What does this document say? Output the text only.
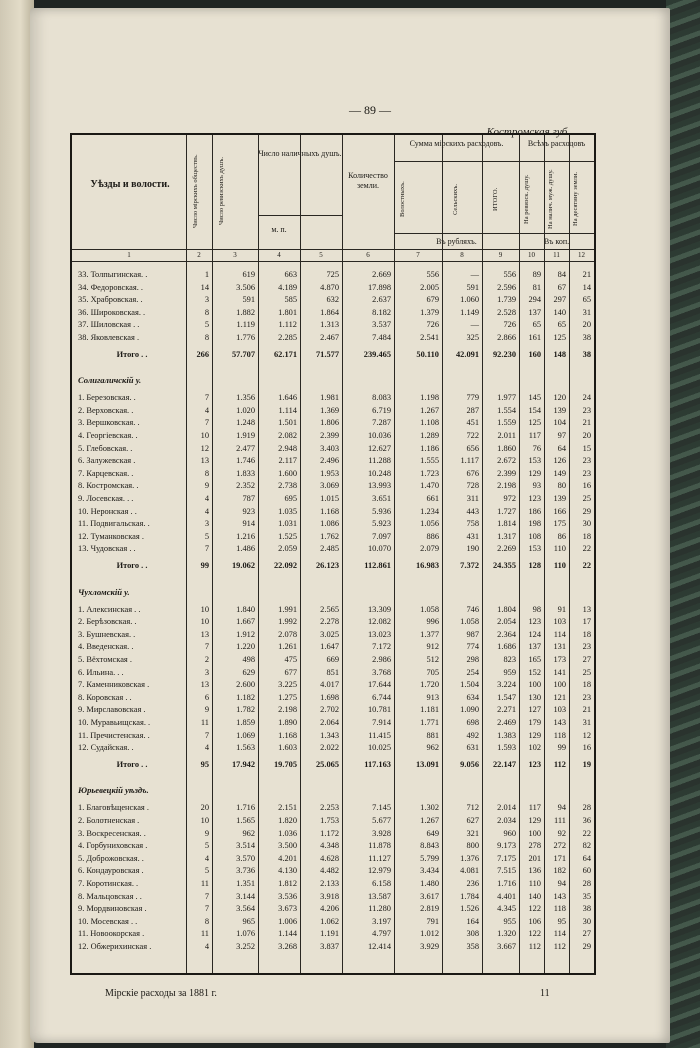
— 89 —
Костромская губ.
Мірскіе расходы за 1881 г.	11
Уѣзды и волости.	Число мірскихъ обществъ.	Число ревизскихъ душъ.
Число наличныхъ душъ.
м. п.
Количество земли.
Сумма мірскихъ расходовъ.
Волостныхъ.	Сельскихъ.	ИТОГО.
Въ рубляхъ.
Всѣхъ расходовъ
На ревизск. душу.	На налич. муж. душу.	На десятину земли.
Въ коп.
1	2	3	4	5	6	7	8	9	10	11	12
33. Толпыгинская. .	1	619	663	725	2.669	556	—	556	89	84	21
34. Федоровская. .	14	3.506	4.189	4.870	17.898	2.005	591	2.596	81	67	14
35. Храбровская. .	3	591	585	632	2.637	679	1.060	1.739	294	297	65
36. Широковская. .	8	1.882	1.801	1.864	8.182	1.379	1.149	2.528	137	140	31
37. Шиловская . .	5	1.119	1.112	1.313	3.537	726	—	726	65	65	20
38. Яковлевская .	8	1.776	2.285	2.467	7.484	2.541	325	2.866	161	125	38
Итого . .	266	57.707	62.171	71.577	239.465	50.110	42.091	92.230	160	148	38
Солигаличскій у.
1. Березовская. .	7	1.356	1.646	1.981	8.083	1.198	779	1.977	145	120	24
2. Верховская. .	4	1.020	1.114	1.369	6.719	1.267	287	1.554	154	139	23
3. Вершковская. .	7	1.248	1.501	1.806	7.287	1.108	451	1.559	125	104	21
4. Георгіевская. .	10	1.919	2.082	2.399	10.036	1.289	722	2.011	117	97	20
5. Глебовская. .	12	2.477	2.948	3.403	12.627	1.186	656	1.860	76	64	15
6. Залужевская .	13	1.746	2.117	2.496	11.288	1.555	1.117	2.672	153	126	23
7. Карцевская. .	8	1.833	1.600	1.953	10.248	1.723	676	2.399	129	149	23
8. Костромская. .	9	2.352	2.738	3.069	13.993	1.470	728	2.198	93	80	16
9. Лосевская. . .	4	787	695	1.015	3.651	661	311	972	123	139	25
10. Неронская . .	4	923	1.035	1.168	5.936	1.234	443	1.727	186	166	29
11. Подвигальская. .	3	914	1.031	1.086	5.923	1.056	758	1.814	198	175	30
12. Туманковская .	5	1.216	1.525	1.762	7.097	886	431	1.317	108	86	18
13. Чудовская . .	7	1.486	2.059	2.485	10.070	2.079	190	2.269	153	110	22
Итого . .	99	19.062	22.092	26.123	112.861	16.983	7.372	24.355	128	110	22
Чухломскій у.
1. Алексинская . .	10	1.840	1.991	2.565	13.309	1.058	746	1.804	98	91	13
2. Берѣзовская. .	10	1.667	1.992	2.278	12.082	996	1.058	2.054	123	103	17
3. Бушневская. .	13	1.912	2.078	3.025	13.023	1.377	987	2.364	124	114	18
4. Введенская. .	7	1.220	1.261	1.647	7.172	912	774	1.686	137	131	23
5. Вёхтомская .	2	498	475	669	2.986	512	298	823	165	173	27
6. Ильина. . .	3	629	677	851	3.768	705	254	959	152	141	25
7. Каменниковская .	13	2.600	3.225	4.017	17.644	1.720	1.504	3.224	100	100	18
8. Коровская . .	6	1.182	1.275	1.698	6.744	913	634	1.547	130	121	23
9. Мирславовская .	9	1.782	2.198	2.702	10.781	1.181	1.090	2.271	127	103	21
10. Муравьищская. .	11	1.859	1.890	2.064	7.914	1.771	698	2.469	179	143	31
11. Пречистенская. .	7	1.069	1.168	1.343	11.415	881	492	1.383	129	118	12
12. Судайская. .	4	1.563	1.603	2.022	10.025	962	631	1.593	102	99	16
Итого . .	95	17.942	19.705	25.065	117.163	13.091	9.056	22.147	123	112	19
Юрьевецкій уѣздъ.
1. Благовѣщенская .	20	1.716	2.151	2.253	7.145	1.302	712	2.014	117	94	28
2. Болотненская .	10	1.565	1.820	1.753	5.677	1.267	627	2.034	129	111	36
3. Воскресенская. .	9	962	1.036	1.172	3.928	649	321	960	100	92	22
4. Горбуниховская .	5	3.514	3.500	4.348	11.878	8.843	800	9.173	278	272	82
5. Доброжовская. .	4	3.570	4.201	4.628	11.127	5.799	1.376	7.175	201	171	64
6. Кондауровская .	5	3.736	4.130	4.482	12.979	3.434	4.081	7.515	136	182	60
7. Коротинская. .	11	1.351	1.812	2.133	6.158	1.480	236	1.716	110	94	28
8. Мальцовская . .	7	3.144	3.536	3.918	13.587	3.617	1.784	4.401	140	143	35
9. Мордвиновская .	7	3.564	3.673	4.206	11.280	2.819	1.526	4.345	122	118	38
10. Мосевская . .	8	965	1.006	1.062	3.197	791	164	955	106	95	30
11. Новоокорская .	11	1.076	1.144	1.191	4.797	1.012	308	1.320	122	114	27
12. Обжерихинская .	4	3.252	3.268	3.837	12.414	3.929	358	3.667	112	112	29
